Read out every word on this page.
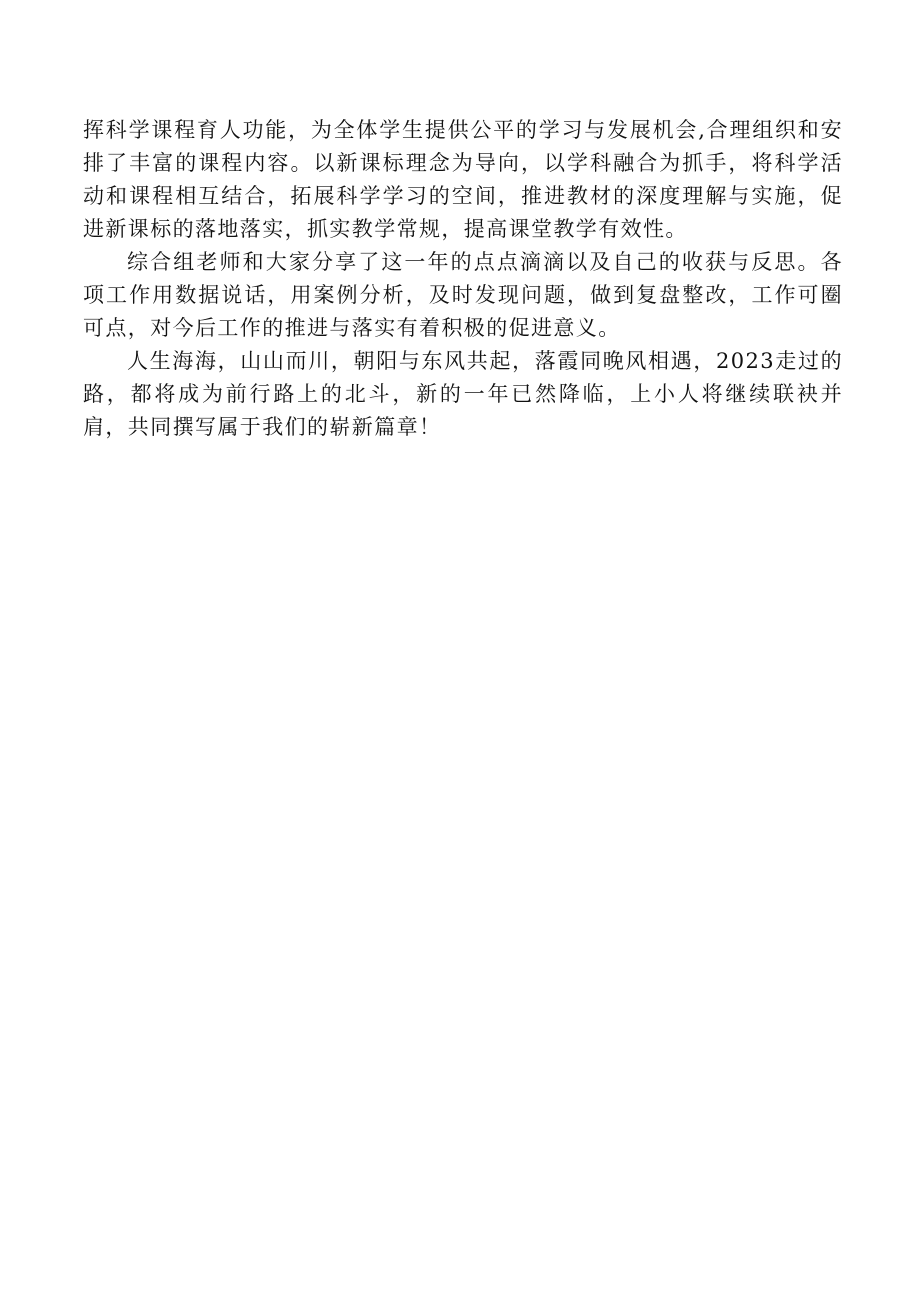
挥科学课程育人功能，为全体学生提供公平的学习与发展机会,合理组织和安排了丰富的课程内容。以新课标理念为导向，以学科融合为抓手，将科学活动和课程相互结合，拓展科学学习的空间，推进教材的深度理解与实施，促进新课标的落地落实，抓实教学常规，提高课堂教学有效性。

综合组老师和大家分享了这一年的点点滴滴以及自己的收获与反思。各项工作用数据说话，用案例分析，及时发现问题，做到复盘整改，工作可圈可点，对今后工作的推进与落实有着积极的促进意义。

人生海海，山山而川，朝阳与东风共起，落霞同晚风相遇，2023走过的路，都将成为前行路上的北斗，新的一年已然降临，上小人将继续联袂并肩，共同撰写属于我们的崭新篇章！
